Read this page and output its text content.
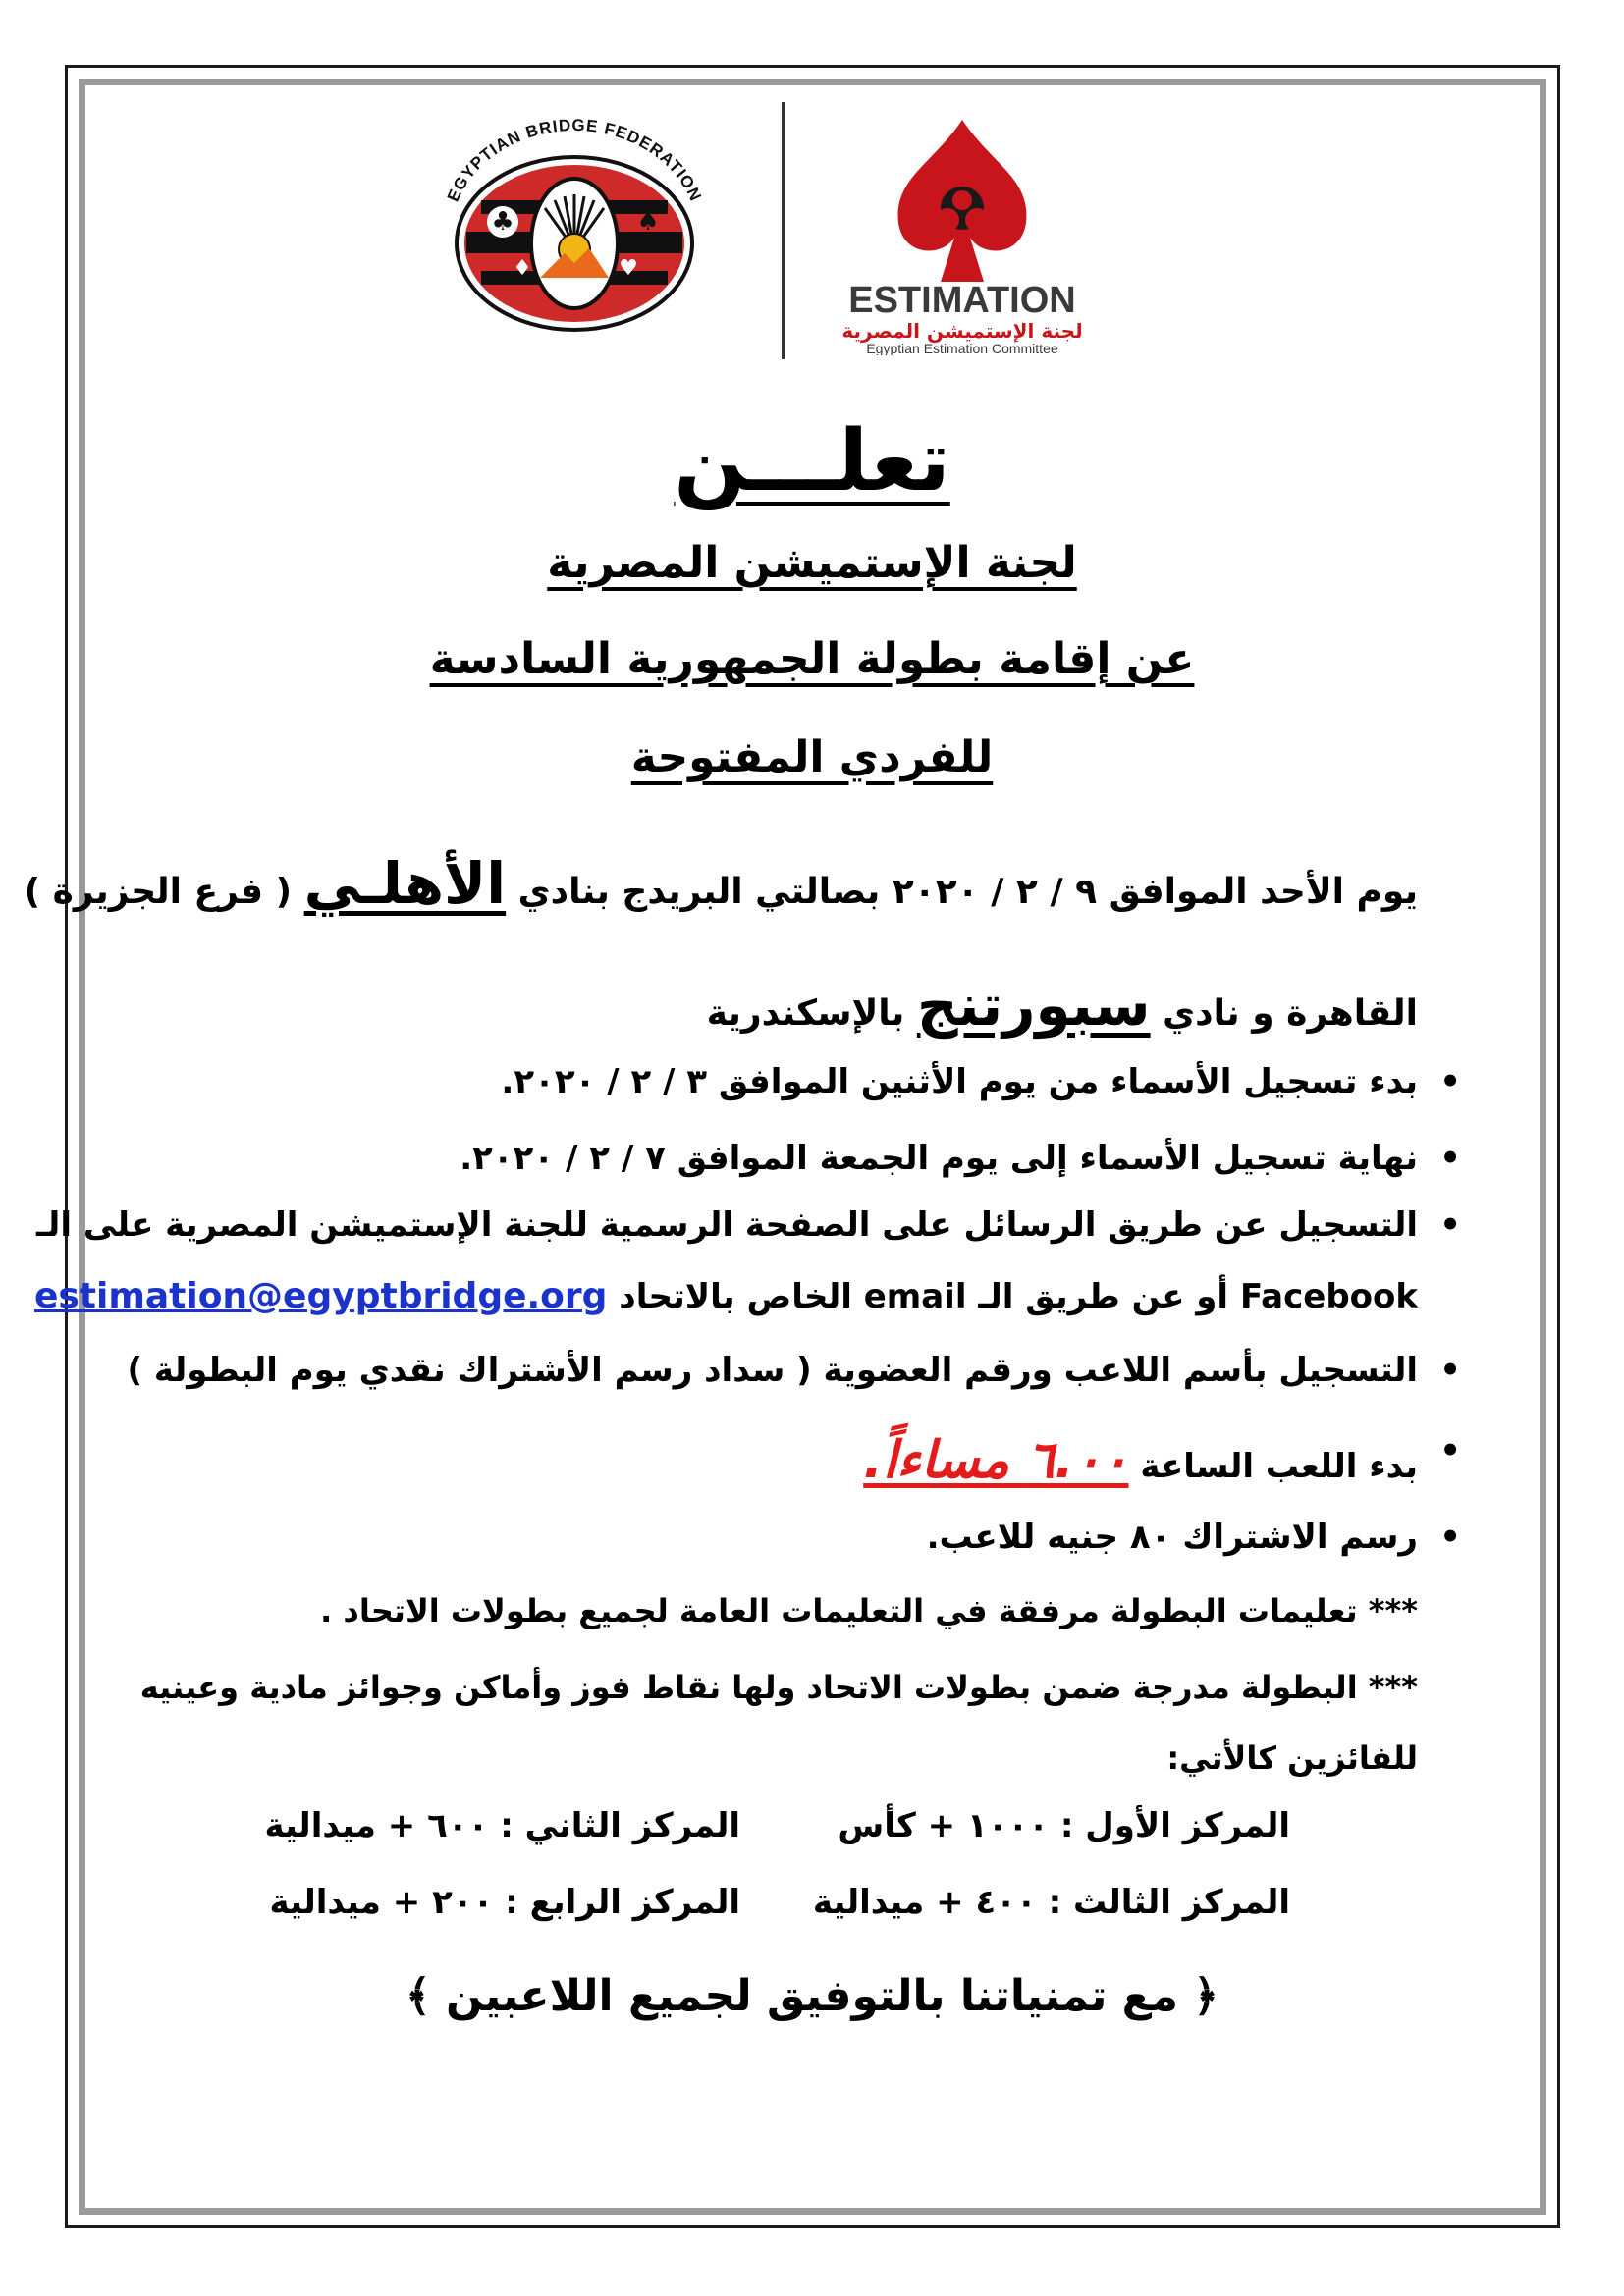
♣	♠
♦	♥
EGYPTIAN BRIDGE FEDERATION
ESTIMATION
لجنة الإستميشن المصرية
Egyptian Estimation Committee
تعلـــن
لجنة الإستميشن المصرية
عن إقامة بطولة الجمهورية السادسة
للفردي المفتوحة
يوم الأحد الموافق ٩ / ٢ / ٢٠٢٠ بصالتي البريدج بنادي الأهلـي ( فرع الجزيرة )
القاهرة و نادي سبورتنج بالإسكندرية
• بدء تسجيل الأسماء من يوم الأثنين الموافق ٣ / ٢ / ٢٠٢٠.
• نهاية تسجيل الأسماء إلى يوم الجمعة الموافق ٧ / ٢ / ٢٠٢٠.
• التسجيل عن طريق الرسائل على الصفحة الرسمية للجنة الإستميشن المصرية على الـ
Facebook أو عن طريق الـ email الخاص بالاتحاد estimation@egyptbridge.org
• التسجيل بأسم اللاعب ورقم العضوية ( سداد رسم الأشتراك نقدي يوم البطولة )
• بدء اللعب الساعة ٦.٠٠ مساءاً.
• رسم الاشتراك ٨٠ جنيه للاعب.
*** تعليمات البطولة مرفقة في التعليمات العامة لجميع بطولات الاتحاد .
*** البطولة مدرجة ضمن بطولات الاتحاد ولها نقاط فوز وأماكن وجوائز مادية وعينيه
للفائزين كالأتي:
المركز الأول : ١٠٠٠ + كأس
المركز الثاني : ٦٠٠ + ميدالية
المركز الثالث : ٤٠٠ + ميدالية
المركز الرابع : ٢٠٠ + ميدالية
﴿ مع تمنياتنا بالتوفيق لجميع اللاعبين ﴾
